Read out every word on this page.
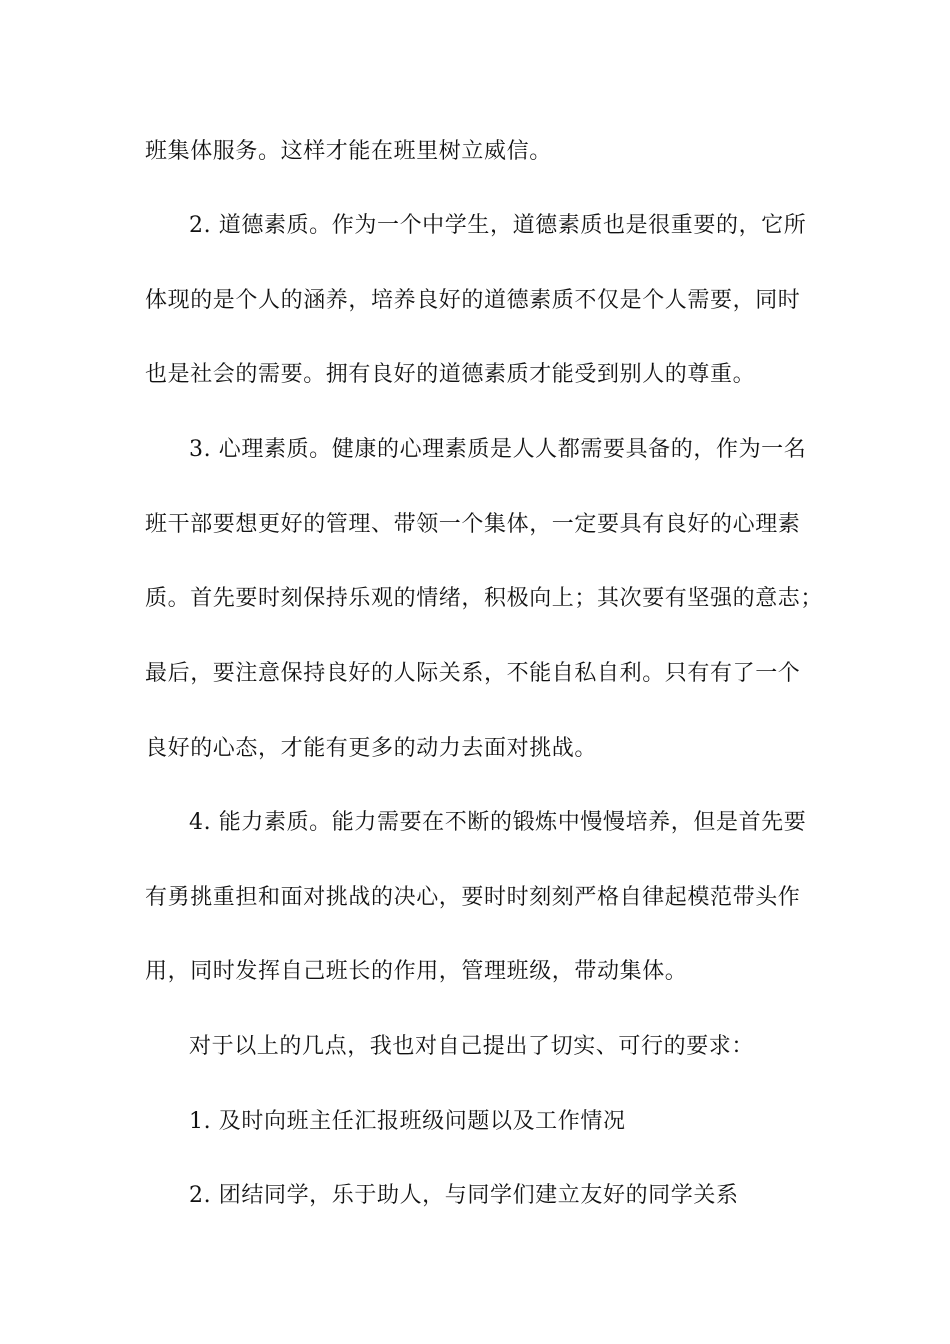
班集体服务。这样才能在班里树立威信。
2. 道德素质。作为一个中学生，道德素质也是很重要的，它所
体现的是个人的涵养，培养良好的道德素质不仅是个人需要，同时
也是社会的需要。拥有良好的道德素质才能受到别人的尊重。
3. 心理素质。健康的心理素质是人人都需要具备的，作为一名
班干部要想更好的管理、带领一个集体，一定要具有良好的心理素
质。首先要时刻保持乐观的情绪，积极向上；其次要有坚强的意志；
最后，要注意保持良好的人际关系，不能自私自利。只有有了一个
良好的心态，才能有更多的动力去面对挑战。
4. 能力素质。能力需要在不断的锻炼中慢慢培养，但是首先要
有勇挑重担和面对挑战的决心，要时时刻刻严格自律起模范带头作
用，同时发挥自己班长的作用，管理班级，带动集体。
对于以上的几点，我也对自己提出了切实、可行的要求：
1. 及时向班主任汇报班级问题以及工作情况
2. 团结同学，乐于助人，与同学们建立友好的同学关系
